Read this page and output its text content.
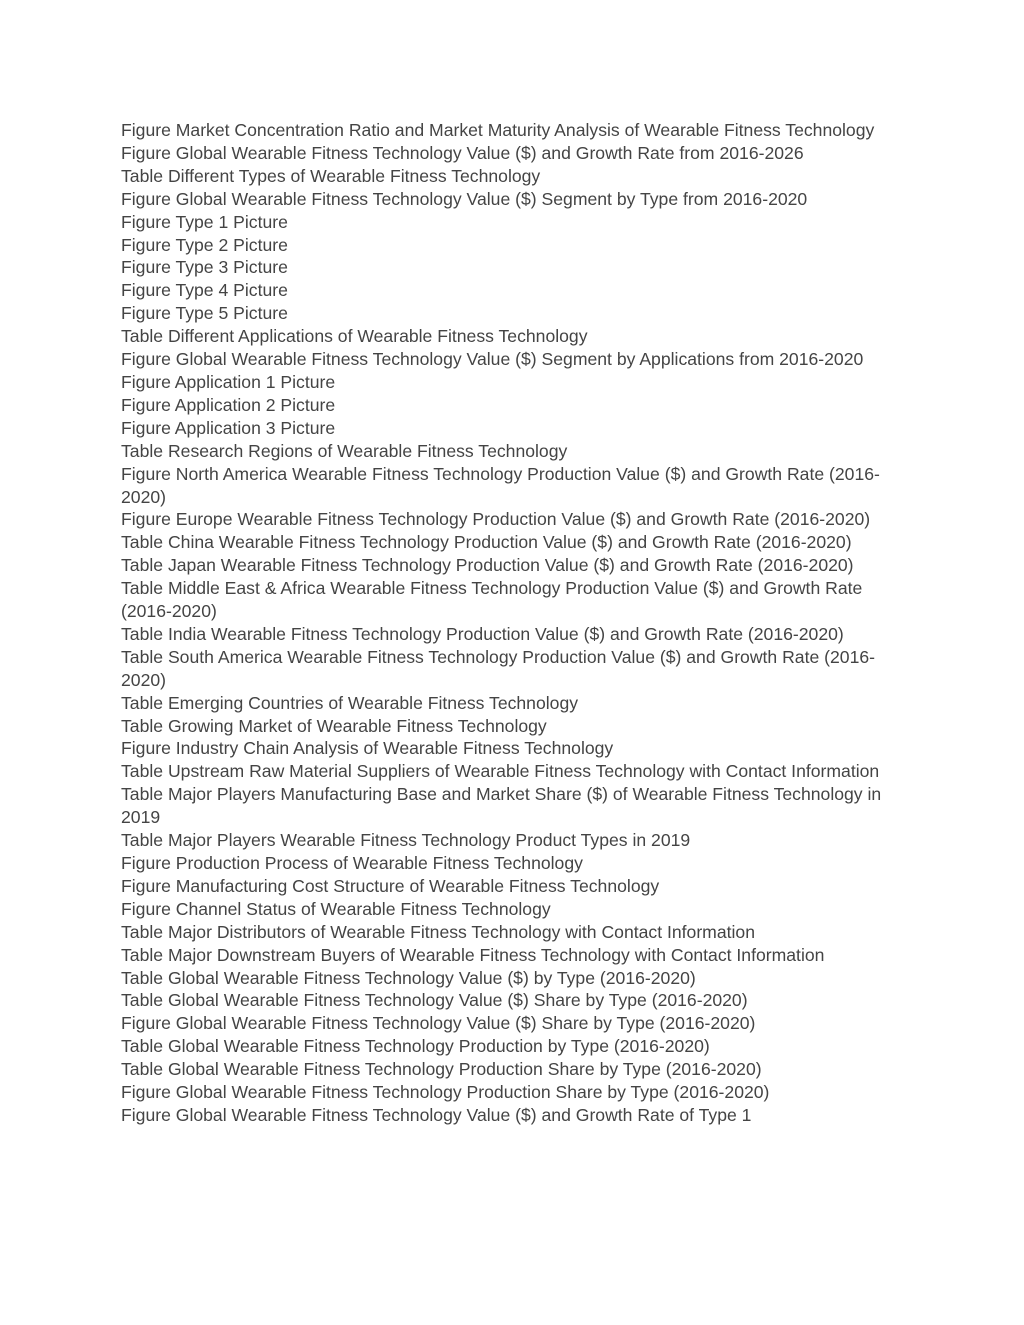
Figure Market Concentration Ratio and Market Maturity Analysis of Wearable Fitness Technology
Figure Global Wearable Fitness Technology Value ($) and Growth Rate from 2016-2026
Table Different Types of Wearable Fitness Technology
Figure Global Wearable Fitness Technology Value ($) Segment by Type from 2016-2020
Figure Type 1 Picture
Figure Type 2 Picture
Figure Type 3 Picture
Figure Type 4 Picture
Figure Type 5 Picture
Table Different Applications of Wearable Fitness Technology
Figure Global Wearable Fitness Technology Value ($) Segment by Applications from 2016-2020
Figure Application 1 Picture
Figure Application 2 Picture
Figure Application 3 Picture
Table Research Regions of Wearable Fitness Technology
Figure North America Wearable Fitness Technology Production Value ($) and Growth Rate (2016-2020)
Figure Europe Wearable Fitness Technology Production Value ($) and Growth Rate (2016-2020)
Table China Wearable Fitness Technology Production Value ($) and Growth Rate (2016-2020)
Table Japan Wearable Fitness Technology Production Value ($) and Growth Rate (2016-2020)
Table Middle East & Africa Wearable Fitness Technology Production Value ($) and Growth Rate (2016-2020)
Table India Wearable Fitness Technology Production Value ($) and Growth Rate (2016-2020)
Table South America Wearable Fitness Technology Production Value ($) and Growth Rate (2016-2020)
Table Emerging Countries of Wearable Fitness Technology
Table Growing Market of Wearable Fitness Technology
Figure Industry Chain Analysis of Wearable Fitness Technology
Table Upstream Raw Material Suppliers of Wearable Fitness Technology with Contact Information
Table Major Players Manufacturing Base and Market Share ($) of Wearable Fitness Technology in 2019
Table Major Players Wearable Fitness Technology Product Types in 2019
Figure Production Process of Wearable Fitness Technology
Figure Manufacturing Cost Structure of Wearable Fitness Technology
Figure Channel Status of Wearable Fitness Technology
Table Major Distributors of Wearable Fitness Technology with Contact Information
Table Major Downstream Buyers of Wearable Fitness Technology with Contact Information
Table Global Wearable Fitness Technology Value ($) by Type (2016-2020)
Table Global Wearable Fitness Technology Value ($) Share by Type (2016-2020)
Figure Global Wearable Fitness Technology Value ($) Share by Type (2016-2020)
Table Global Wearable Fitness Technology Production by Type (2016-2020)
Table Global Wearable Fitness Technology Production Share by Type (2016-2020)
Figure Global Wearable Fitness Technology Production Share by Type (2016-2020)
Figure Global Wearable Fitness Technology Value ($) and Growth Rate of Type 1
